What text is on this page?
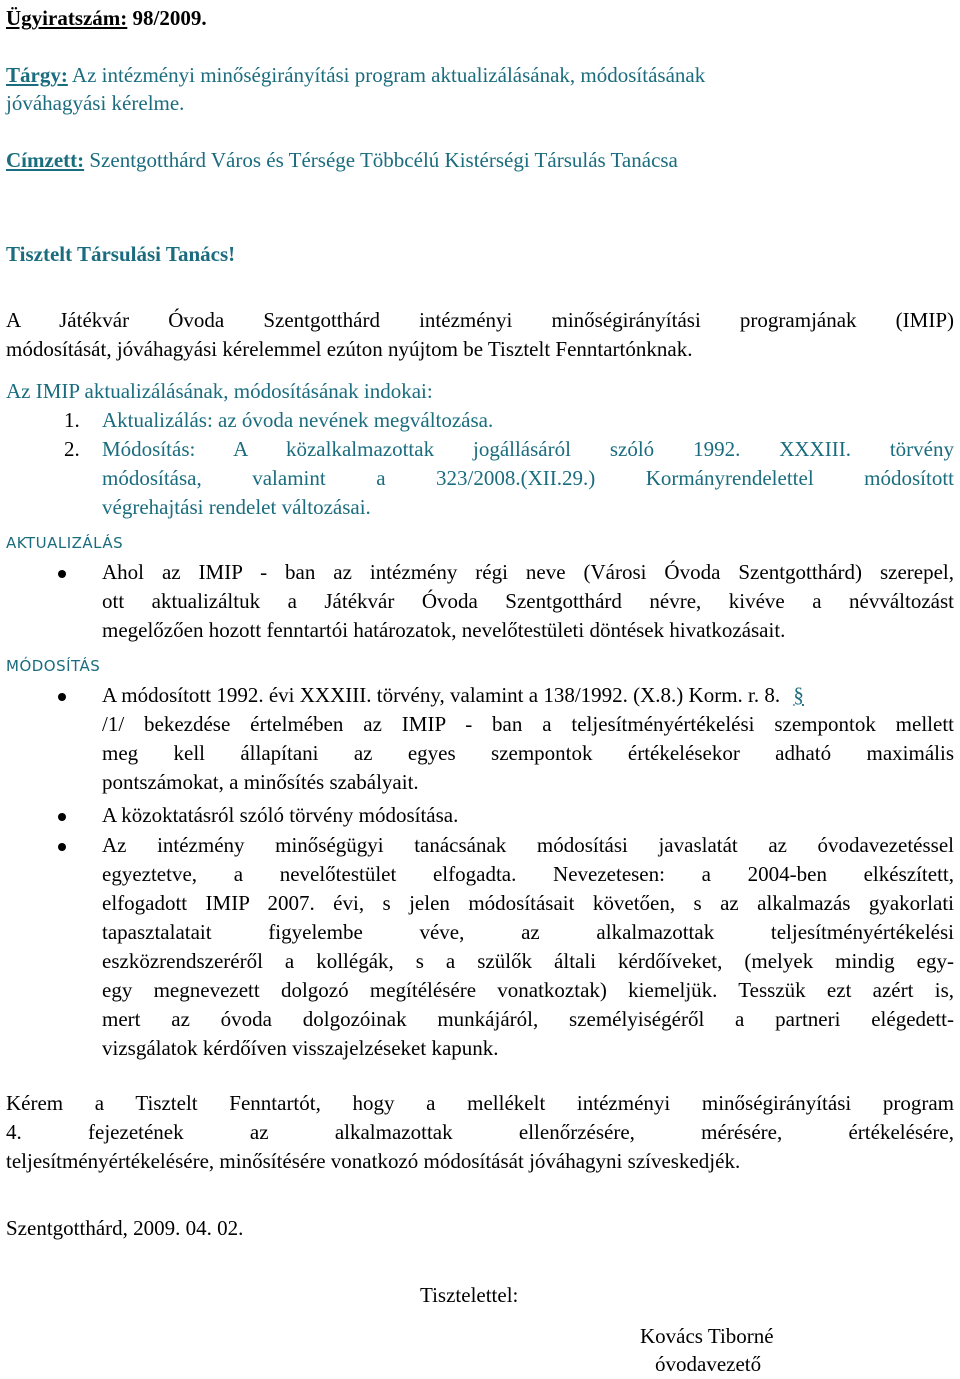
Ügyiratszám: 98/2009.
Tárgy: Az intézményi minőségirányítási program aktualizálásának, módosításának
jóváhagyási kérelme.
Címzett: Szentgotthárd Város és Térsége Többcélú Kistérségi Társulás Tanácsa
Tisztelt Társulási Tanács!
A Játékvár Óvoda Szentgotthárd intézményi minőségirányítási programjának (IMIP)
módosítását, jóváhagyási kérelemmel ezúton nyújtom be Tisztelt Fenntartónknak.
Az IMIP aktualizálásának, módosításának indokai:
1. Aktualizálás: az óvoda nevének megváltozása.
2. Módosítás: A közalkalmazottak jogállásáról szóló 1992. XXXIII. törvény
módosítása, valamint a 323/2008.(XII.29.) Kormányrendelettel módosított
végrehajtási rendelet változásai.
AKTUALIZÁLÁS
Ahol az IMIP - ban az intézmény régi neve (Városi Óvoda Szentgotthárd) szerepel,
ott aktualizáltuk a Játékvár Óvoda Szentgotthárd névre, kivéve a névváltozást
megelőzően hozott fenntartói határozatok, nevelőtestületi döntések hivatkozásait.
MÓDOSÍTÁS
A módosított 1992. évi XXXIII. törvény, valamint a 138/1992. (X.8.) Korm. r. 8. §
/1/ bekezdése értelmében az IMIP - ban a teljesítményértékelési szempontok mellett
meg kell állapítani az egyes szempontok értékelésekor adható maximális
pontszámokat, a minősítés szabályait.
A közoktatásról szóló törvény módosítása.
Az intézmény minőségügyi tanácsának módosítási javaslatát az óvodavezetéssel
egyeztetve, a nevelőtestület elfogadta. Nevezetesen: a 2004-ben elkészített,
elfogadott IMIP 2007. évi, s jelen módosításait követően, s az alkalmazás gyakorlati
tapasztalatait figyelembe véve, az alkalmazottak teljesítményértékelési
eszközrendszeréről a kollégák, s a szülők általi kérdőíveket, (melyek mindig egy-
egy megnevezett dolgozó megítélésére vonatkoztak) kiemeljük. Tesszük ezt azért is,
mert az óvoda dolgozóinak munkájáról, személyiségéről a partneri elégedett-
vizsgálatok kérdőíven visszajelzéseket kapunk.
Kérem a Tisztelt Fenntartót, hogy a mellékelt intézményi minőségirányítási program
4. fejezetének az alkalmazottak ellenőrzésére, mérésére, értékelésére,
teljesítményértékelésére, minősítésére vonatkozó módosítását jóváhagyni szíveskedjék.
Szentgotthárd, 2009. 04. 02.
Tisztelettel:
Kovács Tiborné
óvodavezető
